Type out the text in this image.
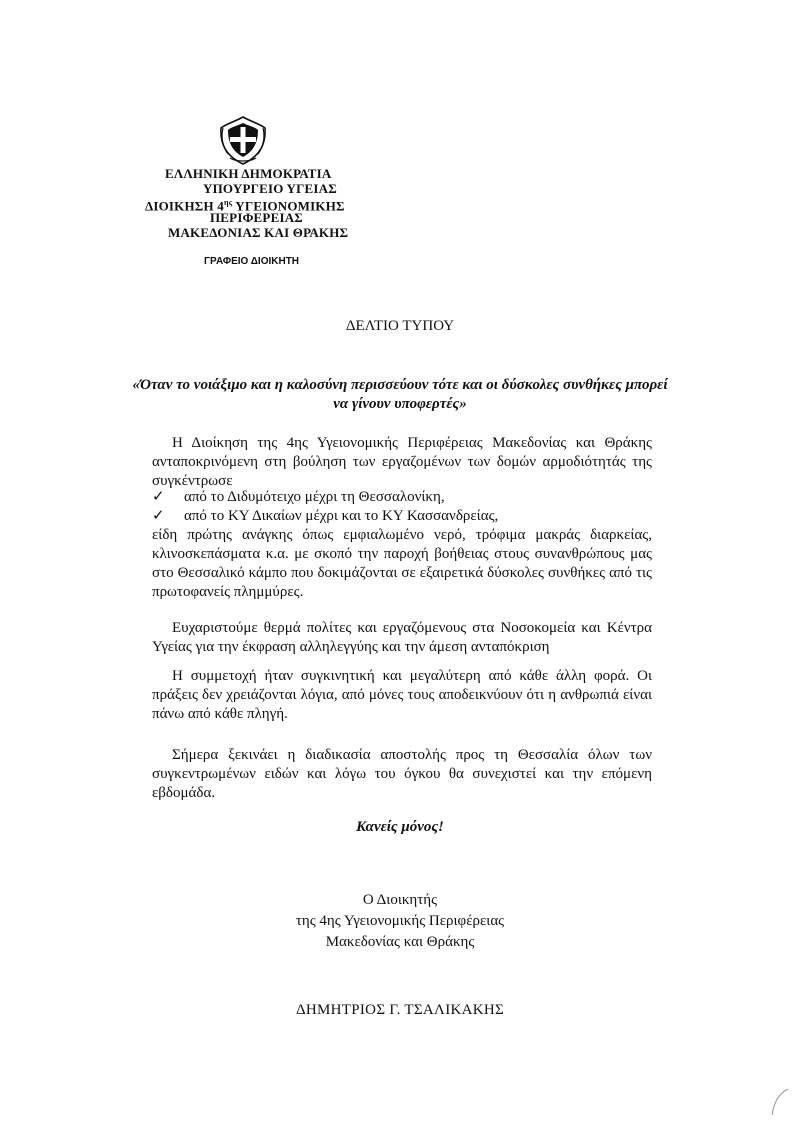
ΕΛΛΗΝΙΚΗ ΔΗΜΟΚΡΑΤΙΑ
ΥΠΟΥΡΓΕΙΟ ΥΓΕΙΑΣ
ΔΙΟΙΚΗΣΗ $4^{\eta\varsigma}$ ΥΓΕΙΟΝΟΜΙΚΗΣ
ΠΕΡΙΦΕΡΕΙΑΣ
ΜΑΚΕΔΟΝΙΑΣ ΚΑΙ ΘΡΑΚΗΣ
ΓΡΑΦΕΙΟ ΔΙΟΙΚΗΤΗ
ΔΕΛΤΙΟ ΤΥΠΟΥ
«Όταν το νοιάξιμο και η καλοσύνη περισσεύουν τότε και οι δύσκολες συνθήκες μπορεί να γίνουν υποφερτές»
Η Διοίκηση της 4ης Υγειονομικής Περιφέρειας Μακεδονίας και Θράκης ανταποκρινόμενη στη βούληση των εργαζομένων των δομών αρμοδιότητάς της συγκέντρωσε
✓ από το Διδυμότειχο μέχρι τη Θεσσαλονίκη,
✓ από το ΚΥ Δικαίων μέχρι και το ΚΥ Κασσανδρείας,
είδη πρώτης ανάγκης όπως εμφιαλωμένο νερό, τρόφιμα μακράς διαρκείας, κλινοσκεπάσματα κ.α. με σκοπό την παροχή βοήθειας στους συνανθρώπους μας στο Θεσσαλικό κάμπο που δοκιμάζονται σε εξαιρετικά δύσκολες συνθήκες από τις πρωτοφανείς πλημμύρες.
Ευχαριστούμε θερμά πολίτες και εργαζόμενους στα Νοσοκομεία και Κέντρα Υγείας για την έκφραση αλληλεγγύης και την άμεση ανταπόκριση
Η συμμετοχή ήταν συγκινητική και μεγαλύτερη από κάθε άλλη φορά. Οι πράξεις δεν χρειάζονται λόγια, από μόνες τους αποδεικνύουν ότι η ανθρωπιά είναι πάνω από κάθε πληγή.
Σήμερα ξεκινάει η διαδικασία αποστολής προς τη Θεσσαλία όλων των συγκεντρωμένων ειδών και λόγω του όγκου θα συνεχιστεί και την επόμενη εβδομάδα.
Κανείς μόνος!
Ο Διοικητής
της 4ης Υγειονομικής Περιφέρειας
Μακεδονίας και Θράκης
ΔΗΜΗΤΡΙΟΣ Γ. ΤΣΑΛΙΚΑΚΗΣ
